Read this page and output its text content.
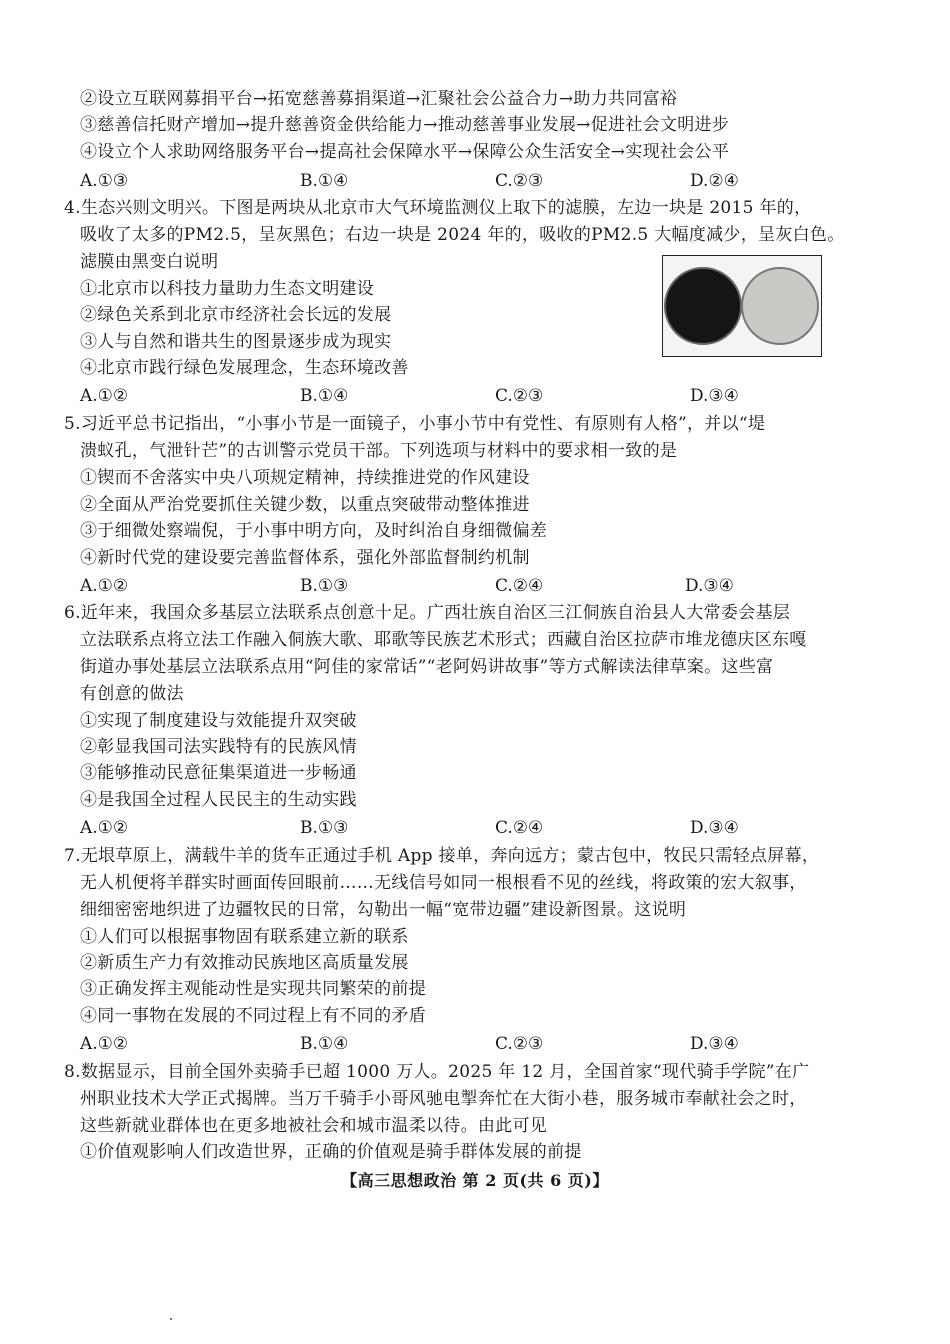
②设立互联网募捐平台→拓宽慈善募捐渠道→汇聚社会公益合力→助力共同富裕
③慈善信托财产增加→提升慈善资金供给能力→推动慈善事业发展→促进社会文明进步
④设立个人求助网络服务平台→提高社会保障水平→保障公众生活安全→实现社会公平
A.①③	B.①④	C.②③	D.②④
4.生态兴则文明兴。下图是两块从北京市大气环境监测仪上取下的滤膜，左边一块是 2015 年的，
吸收了太多的PM2.5，呈灰黑色；右边一块是 2024 年的，吸收的PM2.5 大幅度减少，呈灰白色。
滤膜由黑变白说明
①北京市以科技力量助力生态文明建设
②绿色关系到北京市经济社会长远的发展
③人与自然和谐共生的图景逐步成为现实
④北京市践行绿色发展理念，生态环境改善
A.①②	B.①④	C.②③	D.③④
5.习近平总书记指出，“小事小节是一面镜子，小事小节中有党性、有原则有人格”，并以“堤
溃蚁孔，气泄针芒”的古训警示党员干部。下列选项与材料中的要求相一致的是
①锲而不舍落实中央八项规定精神，持续推进党的作风建设
②全面从严治党要抓住关键少数，以重点突破带动整体推进
③于细微处察端倪，于小事中明方向，及时纠治自身细微偏差
④新时代党的建设要完善监督体系，强化外部监督制约机制
A.①②	B.①③	C.②④	D.③④
6.近年来，我国众多基层立法联系点创意十足。广西壮族自治区三江侗族自治县人大常委会基层
立法联系点将立法工作融入侗族大歌、耶歌等民族艺术形式；西藏自治区拉萨市堆龙德庆区东嘎
街道办事处基层立法联系点用“阿佳的家常话”“老阿妈讲故事”等方式解读法律草案。这些富
有创意的做法
①实现了制度建设与效能提升双突破
②彰显我国司法实践特有的民族风情
③能够推动民意征集渠道进一步畅通
④是我国全过程人民民主的生动实践
A.①②	B.①③	C.②④	D.③④
7.无垠草原上，满载牛羊的货车正通过手机 App 接单，奔向远方；蒙古包中，牧民只需轻点屏幕，
无人机便将羊群实时画面传回眼前……无线信号如同一根根看不见的丝线，将政策的宏大叙事，
细细密密地织进了边疆牧民的日常，勾勒出一幅“宽带边疆”建设新图景。这说明
①人们可以根据事物固有联系建立新的联系
②新质生产力有效推动民族地区高质量发展
③正确发挥主观能动性是实现共同繁荣的前提
④同一事物在发展的不同过程上有不同的矛盾
A.①②	B.①④	C.②③	D.③④
8.数据显示，目前全国外卖骑手已超 1000 万人。2025 年 12 月，全国首家“现代骑手学院”在广
州职业技术大学正式揭牌。当万千骑手小哥风驰电掣奔忙在大街小巷，服务城市奉献社会之时，
这些新就业群体也在更多地被社会和城市温柔以待。由此可见
①价值观影响人们改造世界，正确的价值观是骑手群体发展的前提
【高三思想政治 第 2 页(共 6 页)】
